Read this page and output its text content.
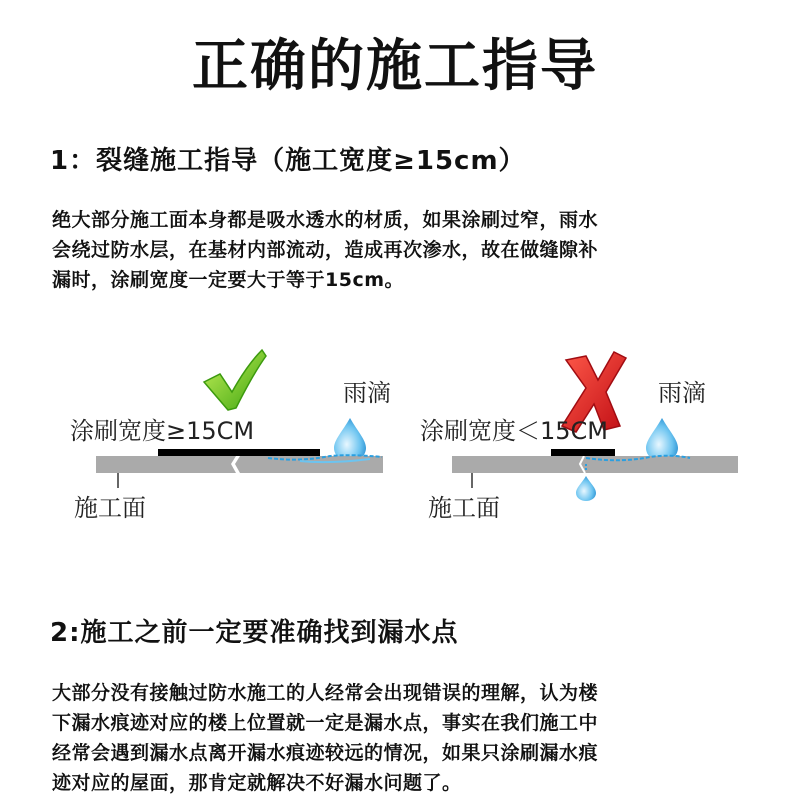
正确的施工指导
1：裂缝施工指导（施工宽度≥15cm）

绝大部分施工面本身都是吸水透水的材质，如果涂刷过窄，雨水

会绕过防水层，在基材内部流动，造成再次渗水，故在做缝隙补

漏时，涂刷宽度一定要大于等于15cm。

涂刷宽度≥15CM
雨滴
施工面
涂刷宽度＜15CM
雨滴
施工面
2:施工之前一定要准确找到漏水点

大部分没有接触过防水施工的人经常会出现错误的理解，认为楼

下漏水痕迹对应的楼上位置就一定是漏水点，事实在我们施工中

经常会遇到漏水点离开漏水痕迹较远的情况，如果只涂刷漏水痕

迹对应的屋面，那肯定就解决不好漏水问题了。
